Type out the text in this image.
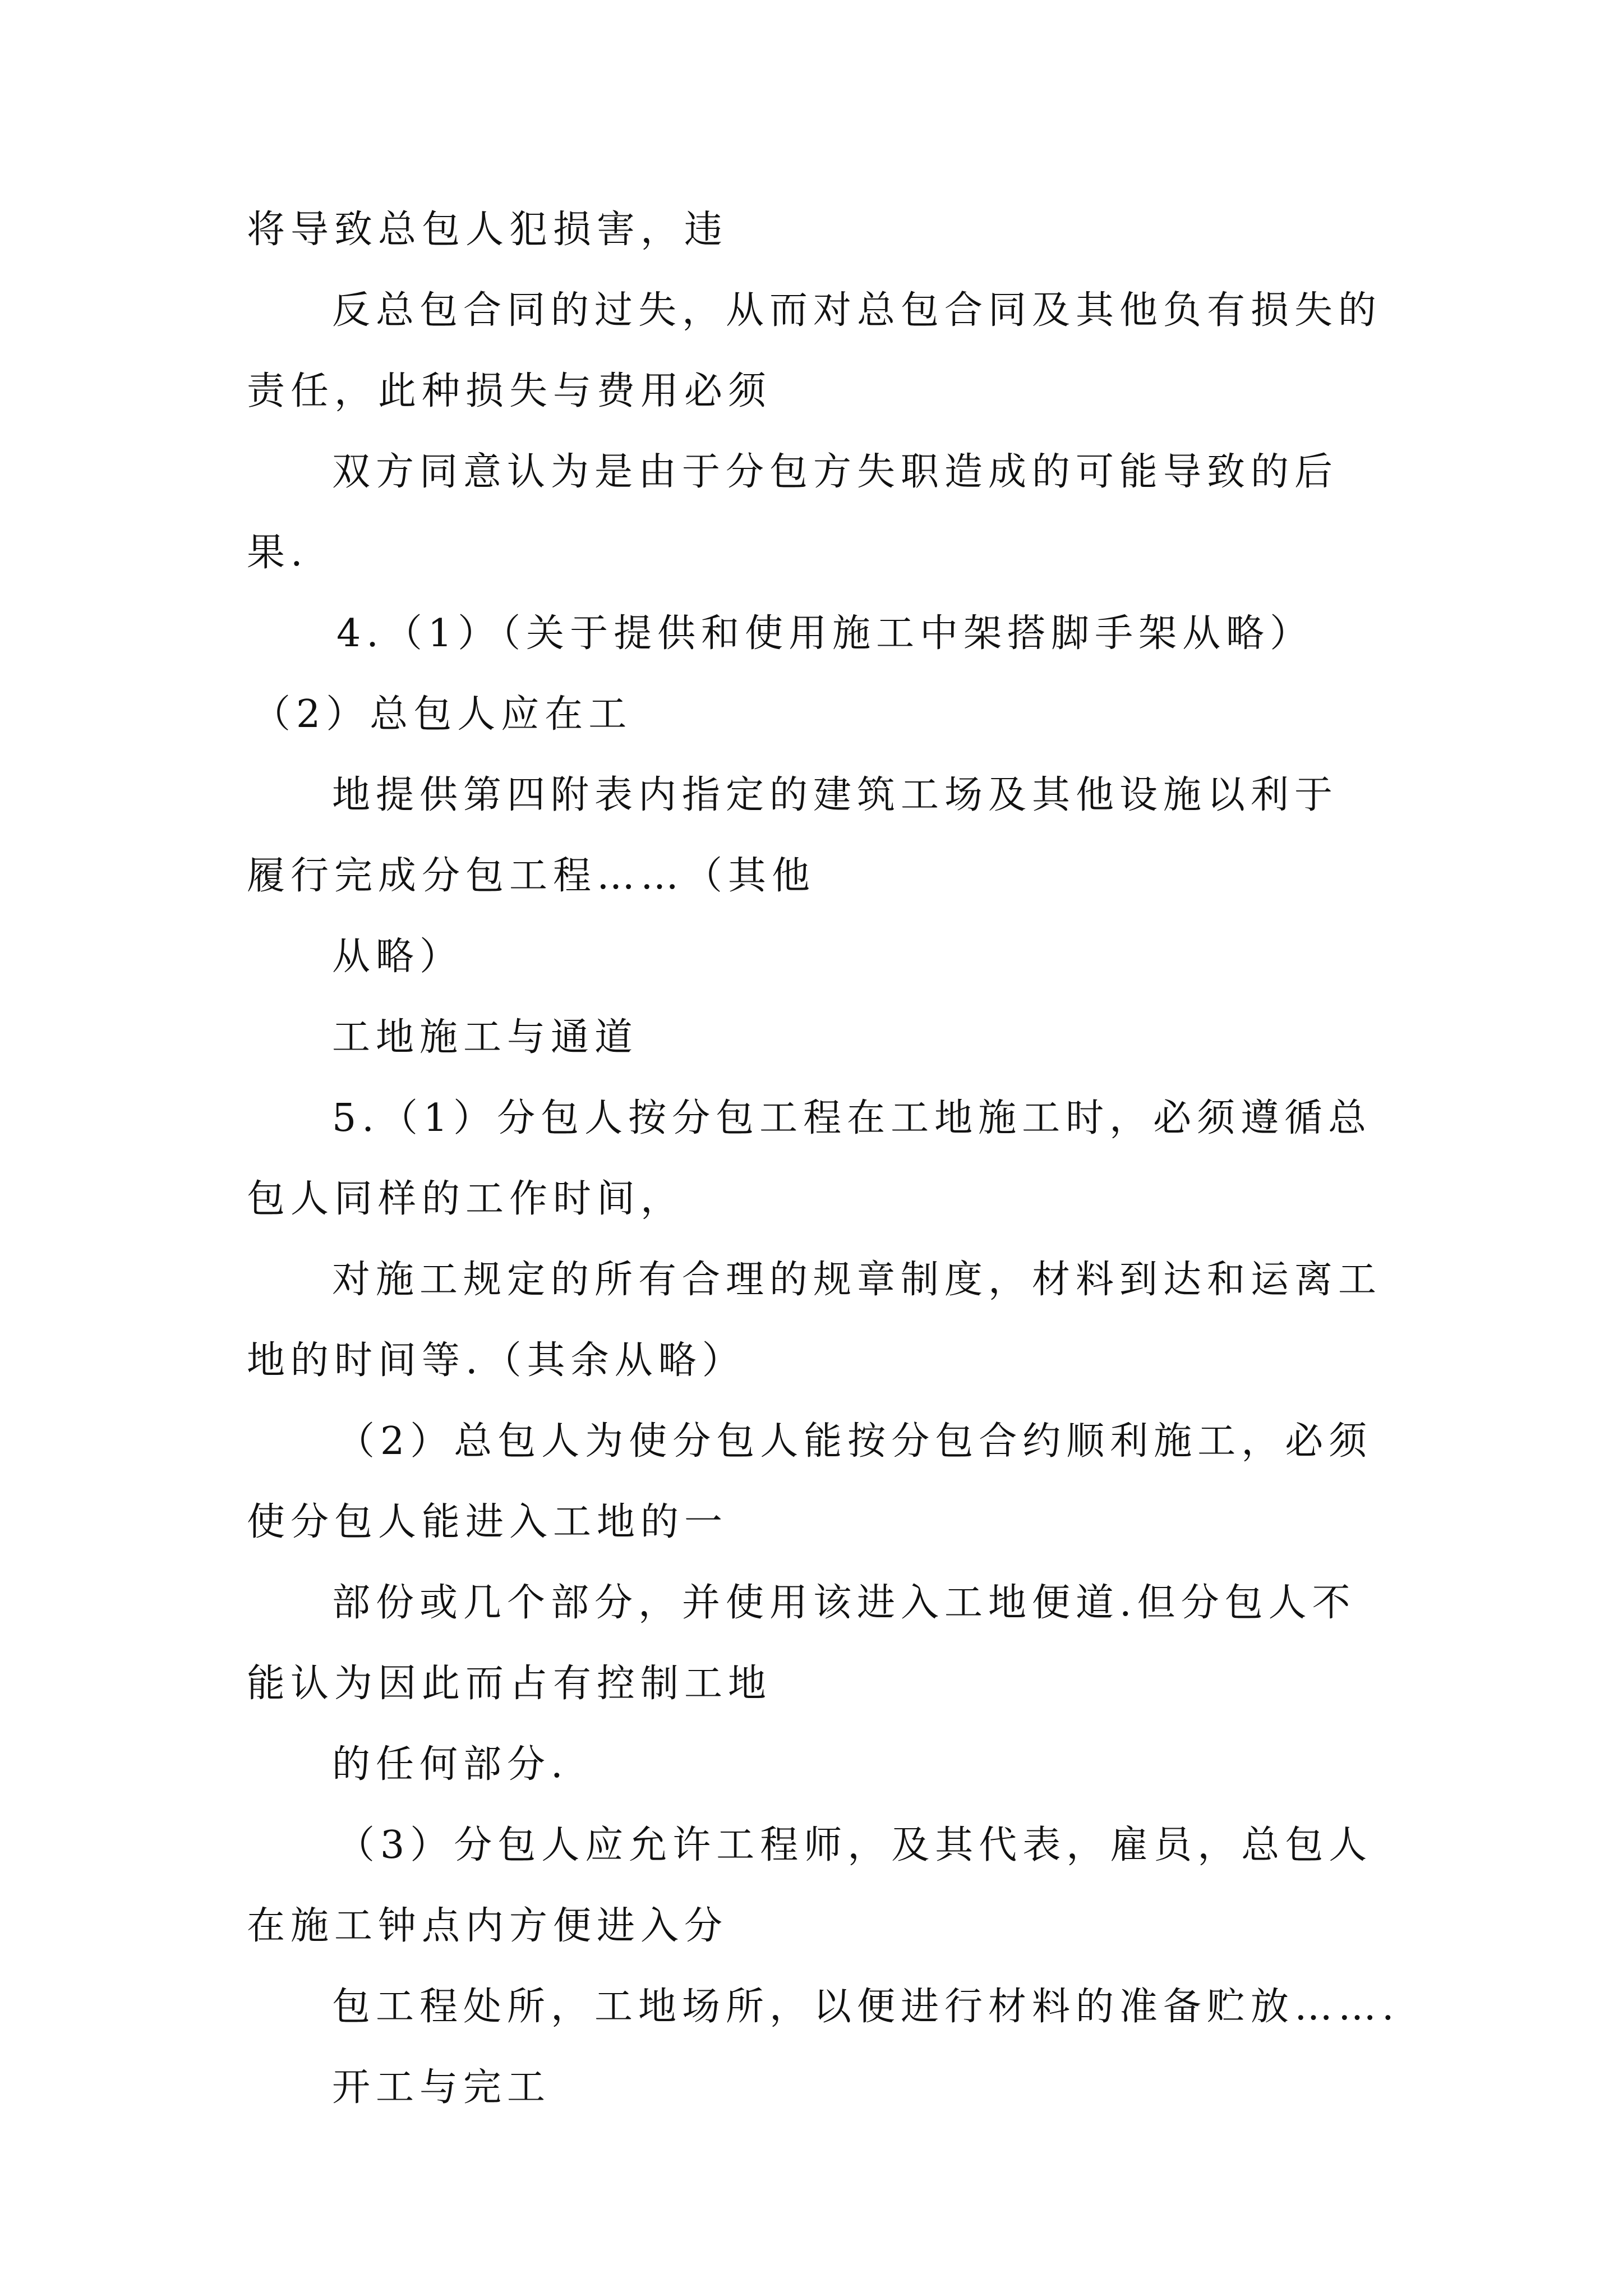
将导致总包人犯损害，违
反总包合同的过失，从而对总包合同及其他负有损失的
责任，此种损失与费用必须
双方同意认为是由于分包方失职造成的可能导致的后
果.
4.（1）（关于提供和使用施工中架搭脚手架从略）
（2）总包人应在工
地提供第四附表内指定的建筑工场及其他设施以利于
履行完成分包工程……（其他
从略）
工地施工与通道
5.（1）分包人按分包工程在工地施工时，必须遵循总
包人同样的工作时间，
对施工规定的所有合理的规章制度，材料到达和运离工
地的时间等.（其余从略）
（2）总包人为使分包人能按分包合约顺利施工，必须
使分包人能进入工地的一
部份或几个部分，并使用该进入工地便道.但分包人不
能认为因此而占有控制工地
的任何部分.
（3）分包人应允许工程师，及其代表，雇员，总包人
在施工钟点内方便进入分
包工程处所，工地场所，以便进行材料的准备贮放…….
开工与完工
